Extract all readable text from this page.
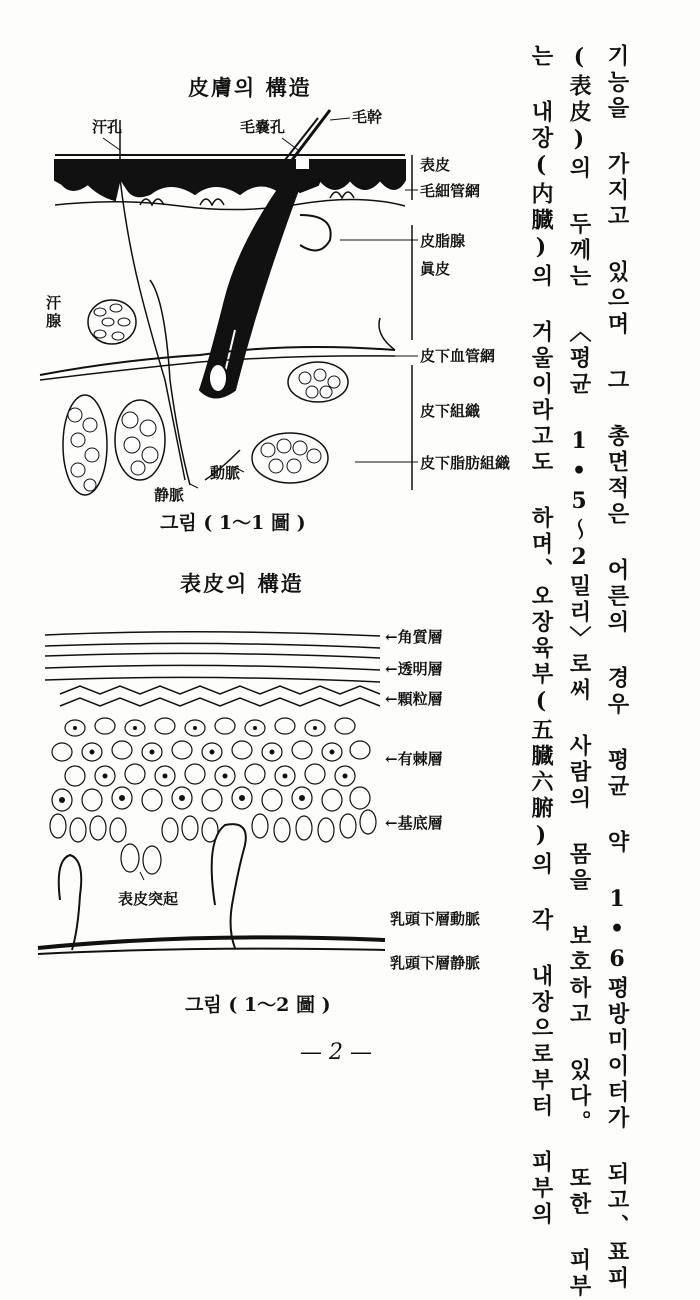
皮膚의 構造
汗孔	毛嚢孔
毛幹
表皮
毛細管網
皮脂腺
眞皮
汗
腺
皮下血管網
皮下組織
皮下脂肪組織
動脈
静脈
그림 ( 1～1 圖 )
表皮의 構造
←角質層
←透明層
←顆粒層
←有棘層
←基底層
表皮突起
乳頭下層動脈
乳頭下層静脈
그림 ( 1～2 圖 )	기능을 가지고 있으며 그 총면적은 어른의 경우 평균 약 1•6평방미이터가 되고、표피
(表皮)의 두께는 〈평균 1•5～2밀리〉로써 사람의 몸을 보호하고 있다。 또한 피부
는 내장(内臓)의 거울이라고도 하며、오장육부(五臓六腑)의 각 내장으로부터 피부의
— 2 —
